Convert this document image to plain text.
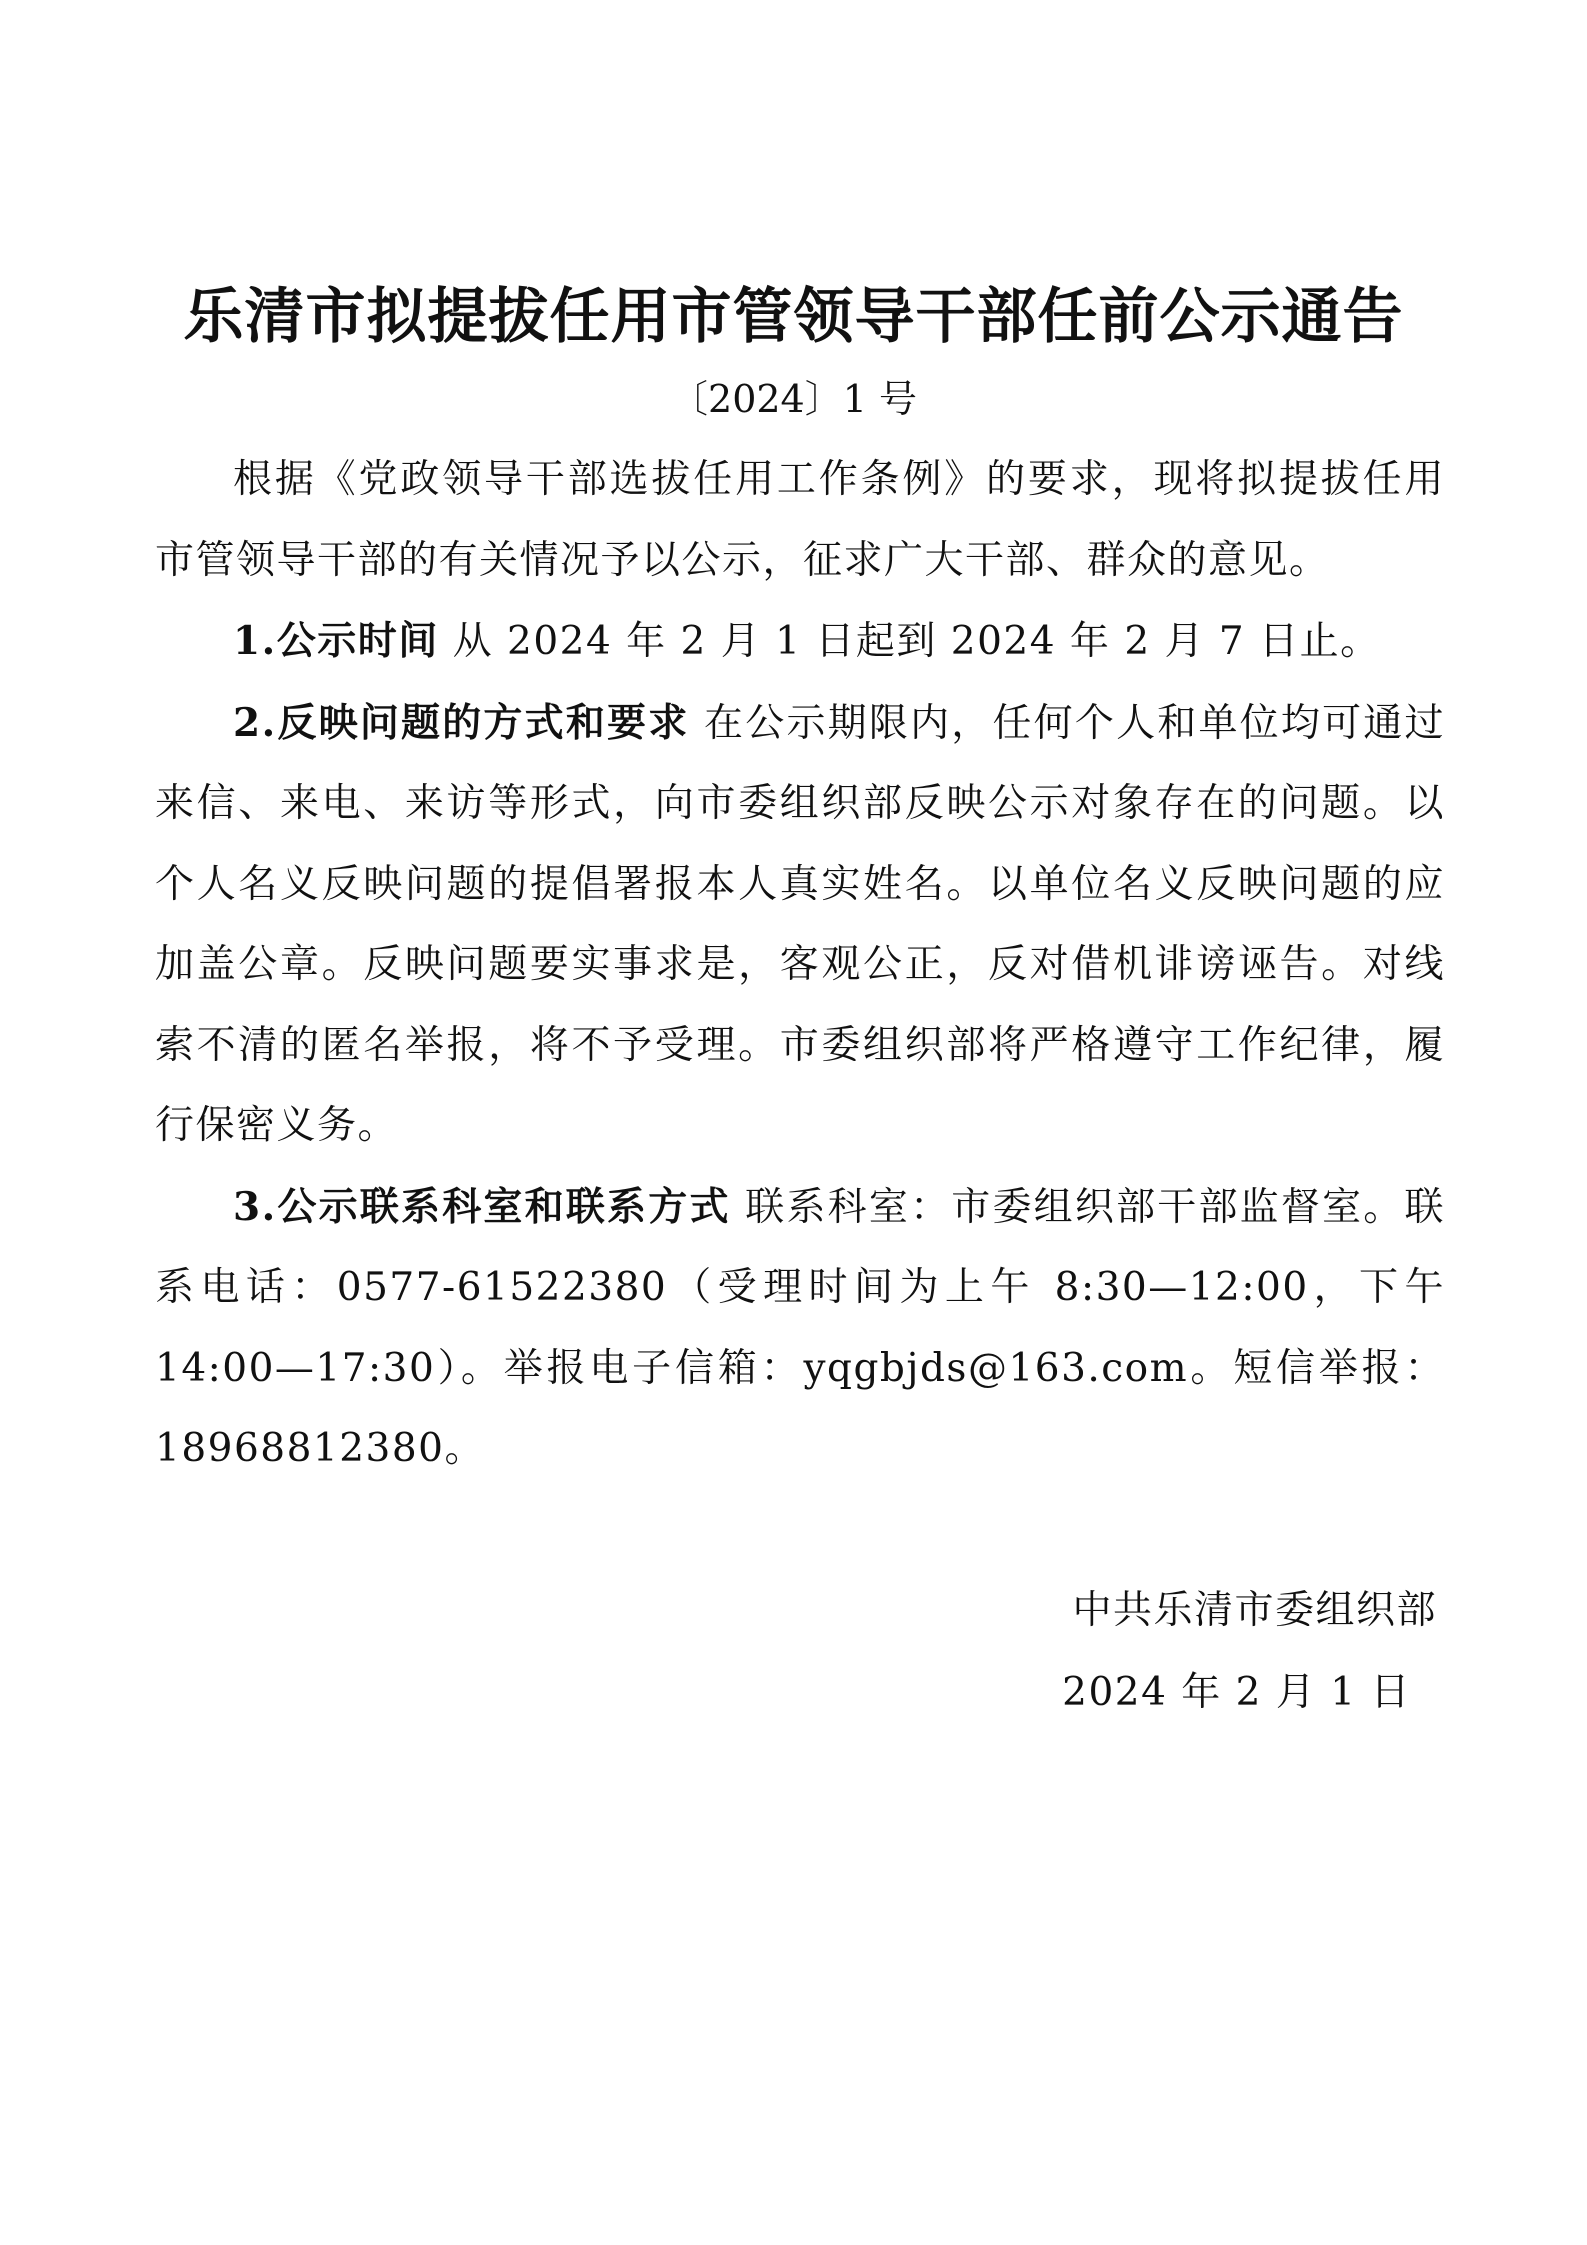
乐清市拟提拔任用市管领导干部任前公示通告
〔2024〕1 号

根据《党政领导干部选拔任用工作条例》的要求，现将拟提拔任用市管领导干部的有关情况予以公示，征求广大干部、群众的意见。

1.公示时间 从 2024 年 2 月 1 日起到 2024 年 2 月 7 日止。

2.反映问题的方式和要求 在公示期限内，任何个人和单位均可通过来信、来电、来访等形式，向市委组织部反映公示对象存在的问题。以个人名义反映问题的提倡署报本人真实姓名。以单位名义反映问题的应加盖公章。反映问题要实事求是，客观公正，反对借机诽谤诬告。对线索不清的匿名举报，将不予受理。市委组织部将严格遵守工作纪律，履行保密义务。

3.公示联系科室和联系方式 联系科室：市委组织部干部监督室。联系电话：0577-61522380（受理时间为上午 8:30—12:00，下午 14:00—17:30）。举报电子信箱：yqgbjds@163.com。短信举报：18968812380。

中共乐清市委组织部
2024 年 2 月 1 日
